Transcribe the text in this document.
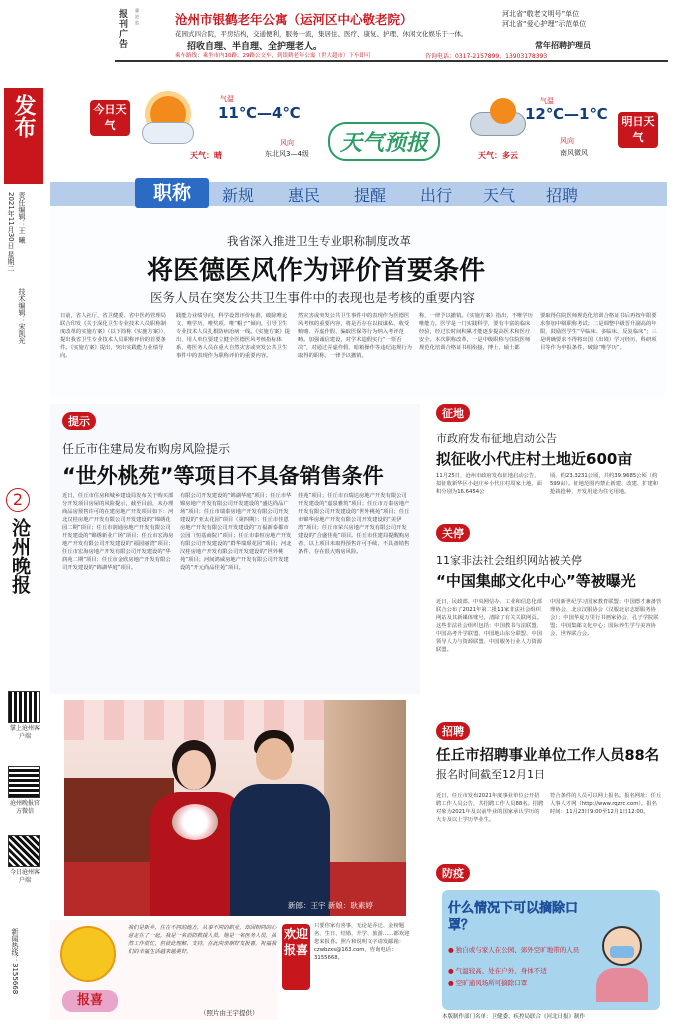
报刊广告
冀沧监	沧州市银鹤老年公寓（运河区中心敬老院）	河北省“敬老文明号”单位
河北省“爱心护理”示范单位
花园式四合院，平房结构，交通便利，服务一流，集居住、医疗、康复、护理、休闲文化娱乐于一体。
招收自理、半自理、全护理老人。	常年招聘护理员
乘车路线：乘坐市内10路、29路公交车，到银鹤老年公寓（世大超市）下车即可	咨询电话：0317-2157899、13903178393
发布
2021年11月30日 星期二 责任编辑：王 曦
技术编辑：宋凯光
2
沧州晚报
掌上沧州客户端
沧州晚报官方微信
今日沧州客户端
新闻热线：3155668
今日天气
气温
11℃—4℃
天气：晴
风向
东北风3—4级	天气预报
气温
12℃—1℃
天气：多云
风向
南风微风
明日天气
职称	新规 惠民 提醒 出行 天气 招聘
我省深入推进卫生专业职称制度改革
将医德医风作为评价首要条件
医务人员在突发公共卫生事件中的表现也是考核的重要内容
日前，省人社厅、省卫健委、省中医药管理局联合印发《关于深化卫生专业技术人员职称制度改革的实施方案》（以下简称《实施方案》），提出我省卫生专业技术人员职称评价的首要条件。《实施方案》提出，突出实践能力业绩导向。
践能力业绩导向，科学设置评价标准，破除唯论文、唯学历、唯奖项、唯“帽子”倾向，引导卫生专业技术人员扎根防病治病一线。《实施方案》提出，用人单位要建立健全医德医风考核指标体系，将医务人员在重大自然灾害或突发公共卫生事件中的表现作为职称评价的重要内容。
然灾害或突发公共卫生事件中的表现作为医德医风考核的重要内容，将是否存在以权谋私、收受贿赂、弄虚作假、骗取医保等行为纳入考评范畴。加强诚信建设，对学术造假实行“一票否决”，对通过弄虚作假、暗箱操作等违纪违规行为取得的职称，一律予以撤销。
称，一律予以撤销。《实施方案》指出，不唯学历唯能力。医学是一门实践科学，要有丰富的临床经验，经过长时间积累才能逐步提高医术和医疗安全。本次职称改革，一是中级职称与住院医师规范化培训合格证书相衔接，博士、硕士都
要取得住院医师规范化培训合格证书后再按年限要求参加中级职称考试；二是调整中级晋升副高的年限，鼓励医学生“早临床、多临床、反复临床”；三是明确要求不得将出国（出境）学习经历、科研项目等作为申报条件，破除“唯学历”。
提示
任丘市住建局发布购房风险提示
“世外桃苑”等项目不具备销售条件
近日，任丘市住房和城乡建设局发布关于购买部分开发项目房屋的风险提示，截至目前，未办理商品房预售许可的在建房地产开发项目如下：河北汉桂房地产开发有限公司开发建设的“锦绣花园二期”项目；任丘市润通房地产开发有限公司开发建设的“锦绣新业广场”项目；任丘市宏海房地产开发有限公司开发建设的“福园丽湾”项目；任丘市宏海房地产开发有限公司开发建设的“华润苑二期”项目；任丘市金欣房地产开发有限公司开发建设的“锦湖华庭”项目。
有限公司开发建设的“锦湖华庭”项目；任丘市华锦房地产开发有限公司开发建设的“盛达尚品广场”项目；任丘市瑞泰房地产开发有限公司开发建设的“亚太花园”项目（第四期）；任丘市佳恩房地产开发有限公司开发建设的“万福新泰都市公园（恒基商院）”项目；任丘市泰恒房地产开发有限公司开发建设的“群华瑞璟花园”项目；河北汉桂房地产开发有限公司开发建设的“世外桃苑”项目；河间鸿威房地产开发有限公司开发建设的“开元尚品佳苑”项目。
佳苑”项目；任丘市百瑞达房地产开发有限公司开发建设的“嘉泉雅筑”项目；任丘市万泰房地产开发有限公司开发建设的“世外桃苑”项目；任丘市锦华房地产开发有限公司开发建设的“美伊湾”项目；任丘市荣兴房地产开发有限公司开发建设的“合盛佳苑”项目。任丘市住建局提醒购房者，以上项目未取得预售许可手续，不具备销售条件，存在很大购房风险。
征地
市政府发布征地启动公告
拟征收小代庄村土地近600亩
11月25日，沧州市政府发布征地启动公告，拟征收新华区小赵庄乡小代庄村周家土地，面积分别为16.6454公
顷、约23.3231公顷，共约39.9685公顷（约599亩）。征地范围内禁止新建、改建、扩建和抢栽抢种，开发用途为住宅用地。
关停
11家非法社会组织网站被关停
“中国集邮文化中心”等被曝光
近日，民政部、中央网信办、工业和信息化部联合公布了2021年第二批11家非法社会组织网站及其新媒体账号，清除了有关关联网页。这些非法社会组织包括：中国教书与法联盟、中国高考升学联盟、中国地山东分联盟、中国领导人力与资源联盟、中国服务行业人力资源联盟。
中国新世纪学习国家教育联盟；中国德才兼备管理协会、北京汉服协会（汉服北京志愿服务协会）；中国华夏万里行书画家协会、孔子学院联盟；中国集邮文化中心；国际养生学与美容协会、世界联合会。
招聘
任丘市招聘事业单位工作人员88名
报名时间截至12月1日
近日，任丘市发布2021年度事业单位公开招聘工作人员公告，共招聘工作人员88名。招聘对象为2021年及以前毕业的国家承认学历的大专及以上学历毕业生。
符合条件的人员可以网上报名。报名网址：任丘人事人才网（http://www.rqzrc.com）。报名时间：11月23日9:00至12月1日12:00。
防疫
什么情况下可以摘除口罩？
● 独自或与家人在公园、郊外空旷地带的人员
● 气温较高、处在户外、身体不适
● 空旷通风场所可摘除口罩
本版制作部门名单：卫健委、疾控局联合《河北日报》制作
新郎：王宇 新娘：耿素婷
报喜
我们是新乡，住在不同的地方，从事不同的职业，却因相同的心意走在了一起。我是一名消防救援人员，她是一名医务人员，虽然工作很忙，但彼此理解、支持，在此向亲朋好友报喜，祝福我们的幸福生活越来越美好。
（照片由王宇提供）
欢迎报喜
只要你家有喜事，无论是乔迁、金榜题名、生日、结婚、升学、旅游……都欢迎您来报喜。照片和说明文字请发邮箱：czwbzxs@163.com，咨询电话：3155668。
